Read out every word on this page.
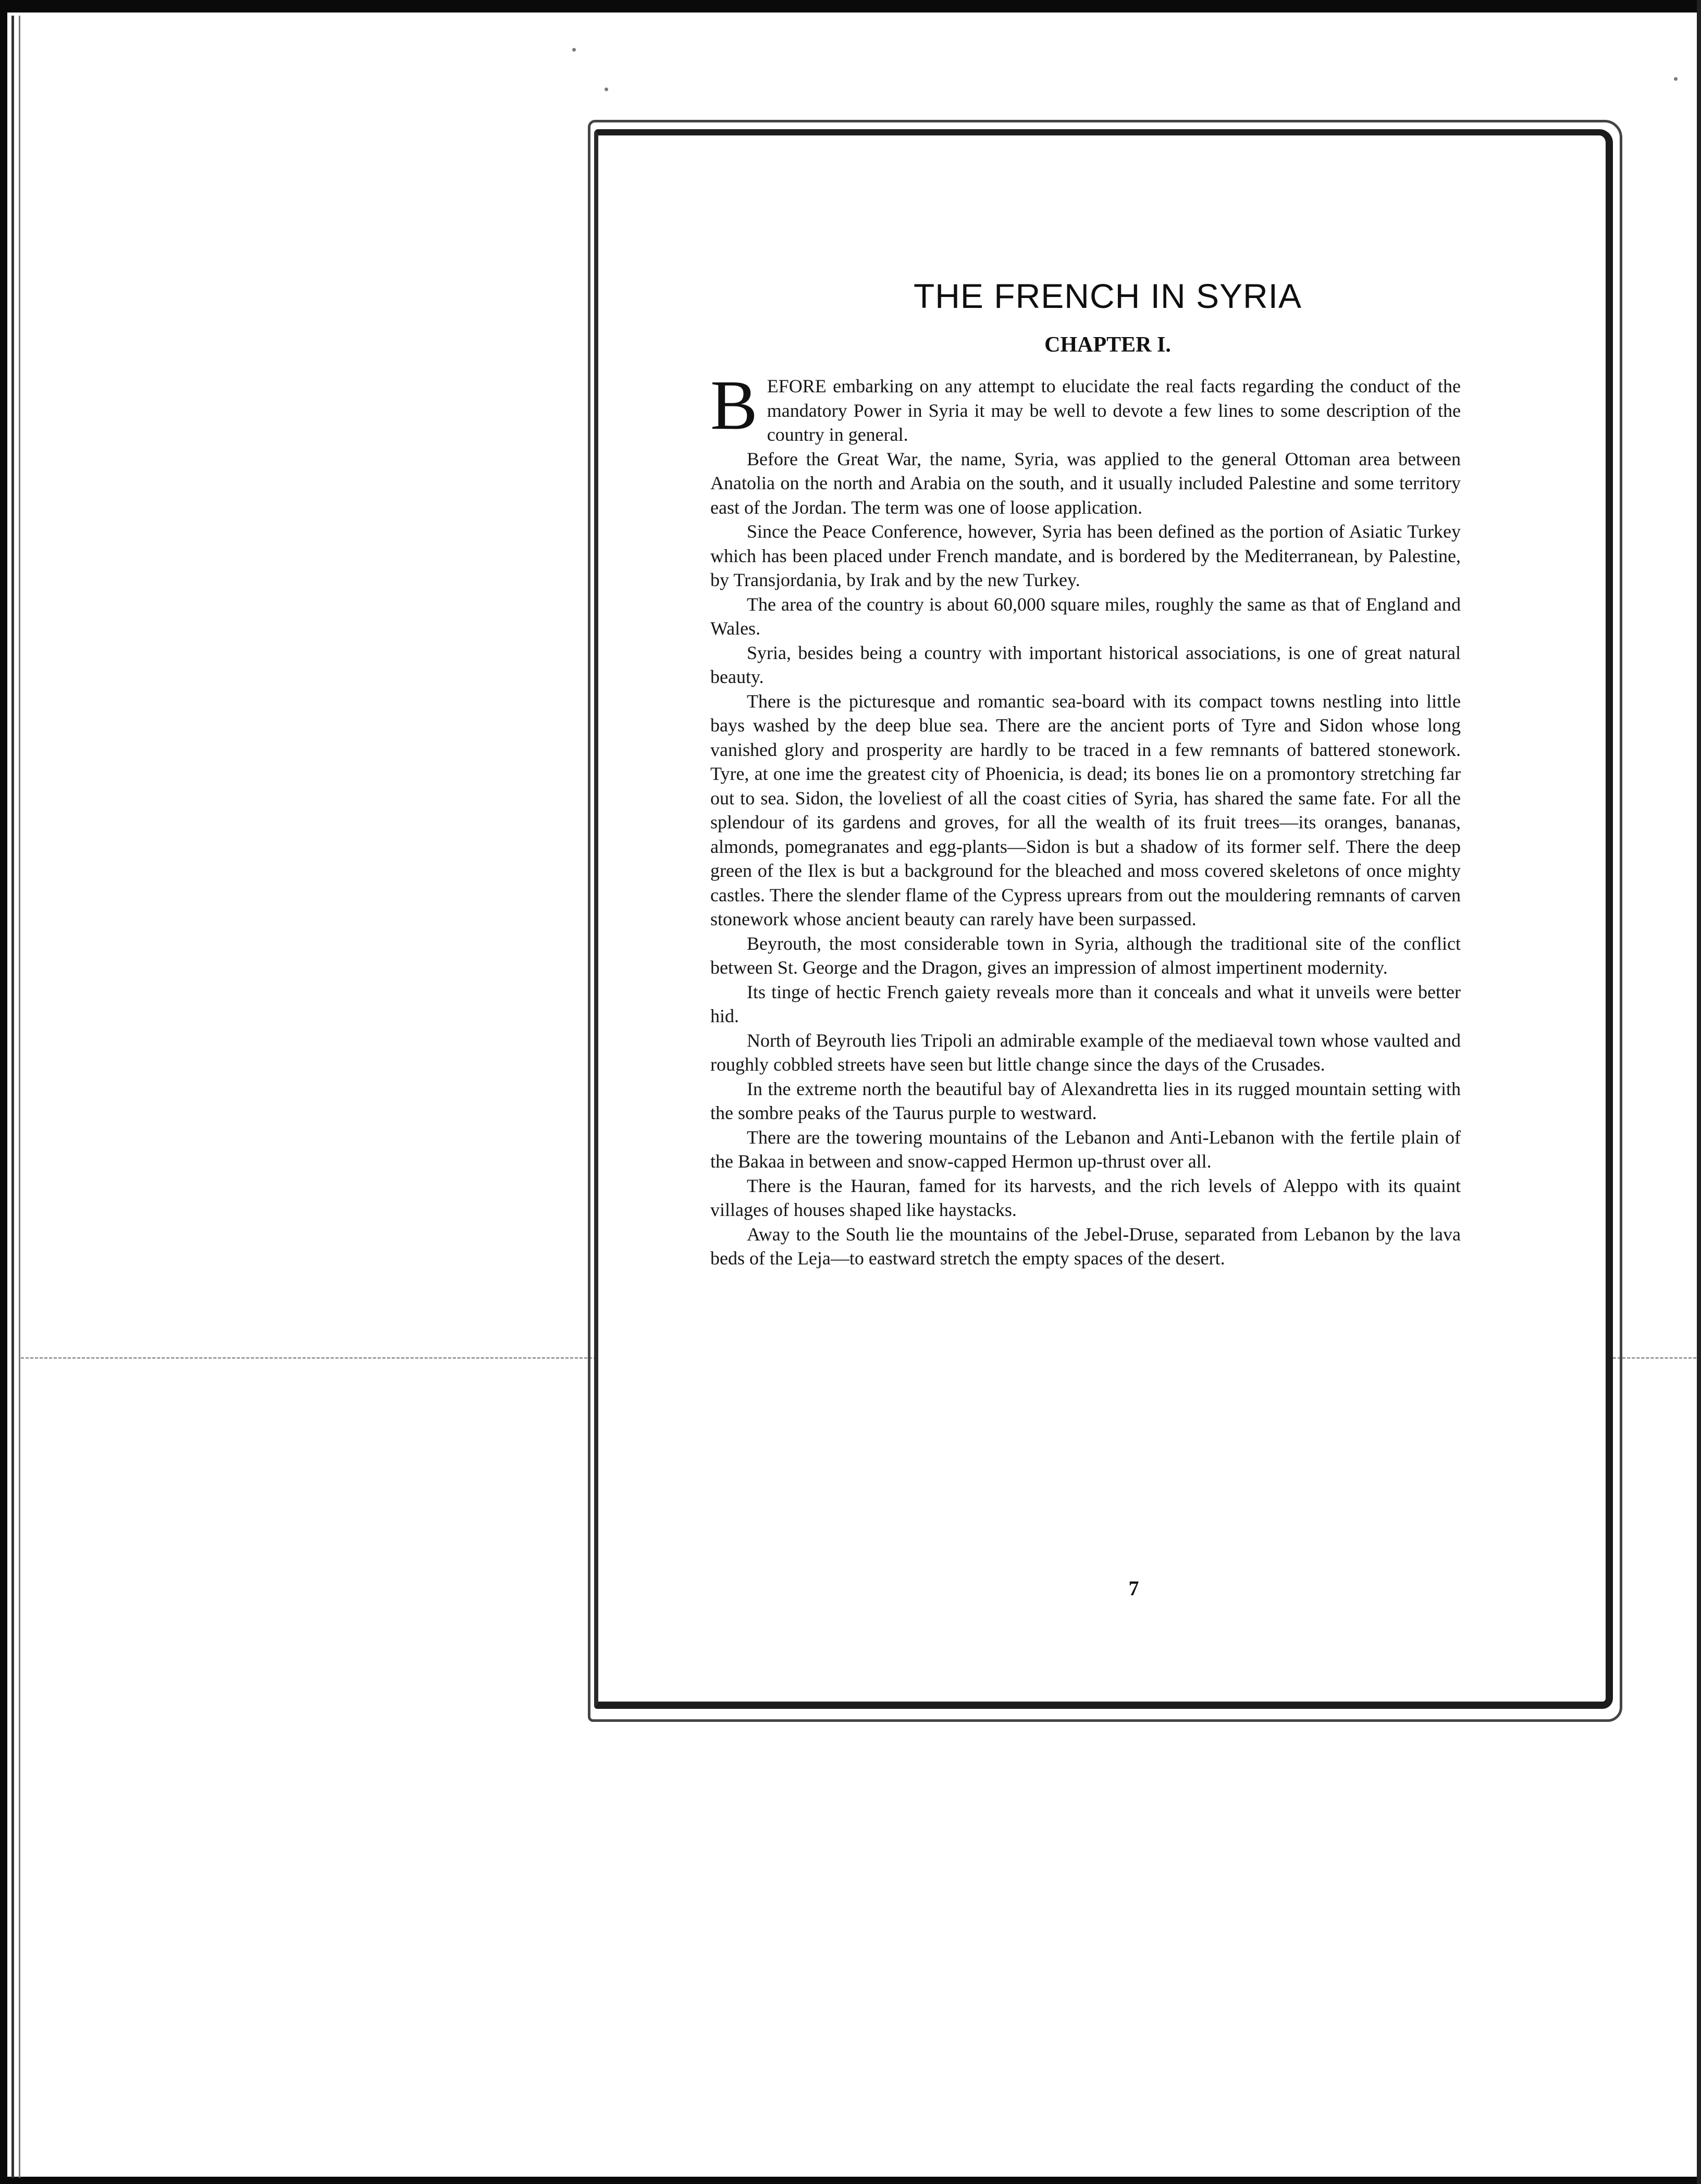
THE FRENCH IN SYRIA
CHAPTER I.

BEFORE embarking on any attempt to elucidate the real facts regarding the conduct of the mandatory Power in Syria it may be well to devote a few lines to some description of the country in general.

Before the Great War, the name, Syria, was applied to the general Ottoman area between Anatolia on the north and Arabia on the south, and it usually included Palestine and some territory east of the Jordan. The term was one of loose application.

Since the Peace Conference, however, Syria has been defined as the portion of Asiatic Turkey which has been placed under French mandate, and is bordered by the Mediterranean, by Palestine, by Transjordania, by Irak and by the new Turkey.

The area of the country is about 60,000 square miles, roughly the same as that of England and Wales.

Syria, besides being a country with important historical associations, is one of great natural beauty.

There is the picturesque and romantic sea-board with its compact towns nestling into little bays washed by the deep blue sea. There are the ancient ports of Tyre and Sidon whose long vanished glory and prosperity are hardly to be traced in a few remnants of battered stonework. Tyre, at one ime the greatest city of Phoenicia, is dead; its bones lie on a promontory stretching far out to sea. Sidon, the loveliest of all the coast cities of Syria, has shared the same fate. For all the splendour of its gardens and groves, for all the wealth of its fruit trees—its oranges, bananas, almonds, pomegranates and egg-plants—Sidon is but a shadow of its former self. There the deep green of the Ilex is but a background for the bleached and moss covered skeletons of once mighty castles. There the slender flame of the Cypress uprears from out the mouldering remnants of carven stonework whose ancient beauty can rarely have been surpassed.

Beyrouth, the most considerable town in Syria, although the traditional site of the conflict between St. George and the Dragon, gives an impression of almost impertinent modernity.

Its tinge of hectic French gaiety reveals more than it conceals and what it unveils were better hid.

North of Beyrouth lies Tripoli an admirable example of the mediaeval town whose vaulted and roughly cobbled streets have seen but little change since the days of the Crusades.

In the extreme north the beautiful bay of Alexandretta lies in its rugged mountain setting with the sombre peaks of the Taurus purple to westward.

There are the towering mountains of the Lebanon and Anti-Lebanon with the fertile plain of the Bakaa in between and snow-capped Hermon up-thrust over all.

There is the Hauran, famed for its harvests, and the rich levels of Aleppo with its quaint villages of houses shaped like haystacks.

Away to the South lie the mountains of the Jebel-Druse, separated from Lebanon by the lava beds of the Leja—to eastward stretch the empty spaces of the desert.

7
